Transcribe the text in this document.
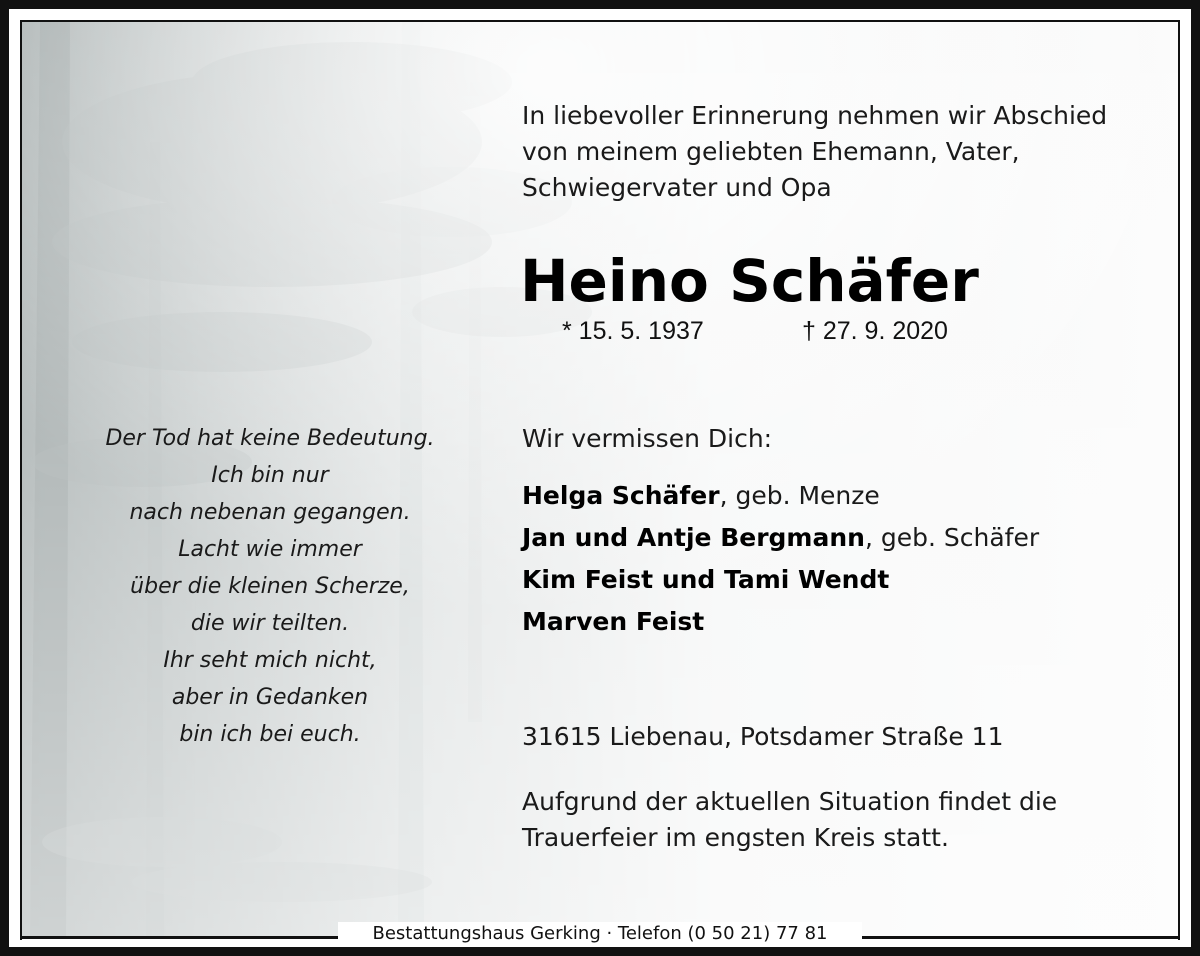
In liebevoller Erinnerung nehmen wir Abschied
von meinem geliebten Ehemann, Vater,
Schwiegervater und Opa
Heino Schäfer
* 15. 5. 1937	† 27. 9. 2020
Der Tod hat keine Bedeutung.
Ich bin nur
nach nebenan gegangen.
Lacht wie immer
über die kleinen Scherze,
die wir teilten.
Ihr seht mich nicht,
aber in Gedanken
bin ich bei euch.
Wir vermissen Dich:
Helga Schäfer, geb. Menze
Jan und Antje Bergmann, geb. Schäfer
Kim Feist und Tami Wendt
Marven Feist
31615 Liebenau, Potsdamer Straße 11
Aufgrund der aktuellen Situation findet die
Trauerfeier im engsten Kreis statt.
Bestattungshaus Gerking · Telefon (0 50 21) 77 81
